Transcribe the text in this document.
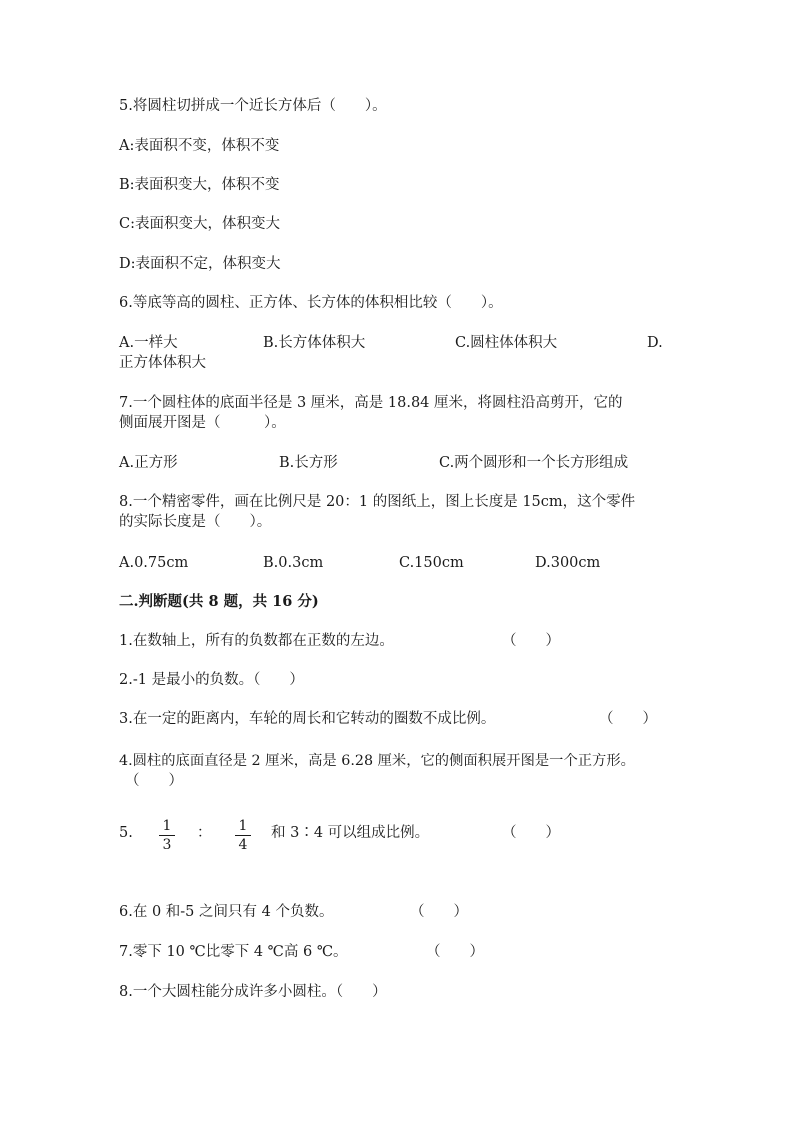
5.将圆柱切拼成一个近长方体后（　　）。
A:表面积不变，体积不变
B:表面积变大，体积不变
C:表面积变大，体积变大
D:表面积不定，体积变大
6.等底等高的圆柱、正方体、长方体的体积相比较（　　）。
A.一样大	B.长方体体积大	C.圆柱体体积大	D.
正方体体积大
7.一个圆柱体的底面半径是 3 厘米，高是 18.84 厘米，将圆柱沿高剪开，它的
侧面展开图是（　　　）。
A.正方形	B.长方形	C.两个圆形和一个长方形组成
8.一个精密零件，画在比例尺是 20：1 的图纸上，图上长度是 15cm，这个零件
的实际长度是（　　）。
A.0.75cm	B.0.3cm	C.150cm	D.300cm
二.判断题(共 8 题，共 16 分)
1.在数轴上，所有的负数都在正数的左边。	（　　）
2.-1 是最小的负数。（　　）
3.在一定的距离内，车轮的周长和它转动的圈数不成比例。	（　　）
4.圆柱的底面直径是 2 厘米，高是 6.28 厘米，它的侧面积展开图是一个正方形。
（　　）
5. 1
3
： 1
4
和 3∶4 可以组成比例。	（　　）
6.在 0 和-5 之间只有 4 个负数。	（　　）
7.零下 10 ℃比零下 4 ℃高 6 ℃。	（　　）
8.一个大圆柱能分成许多小圆柱。（　　）
